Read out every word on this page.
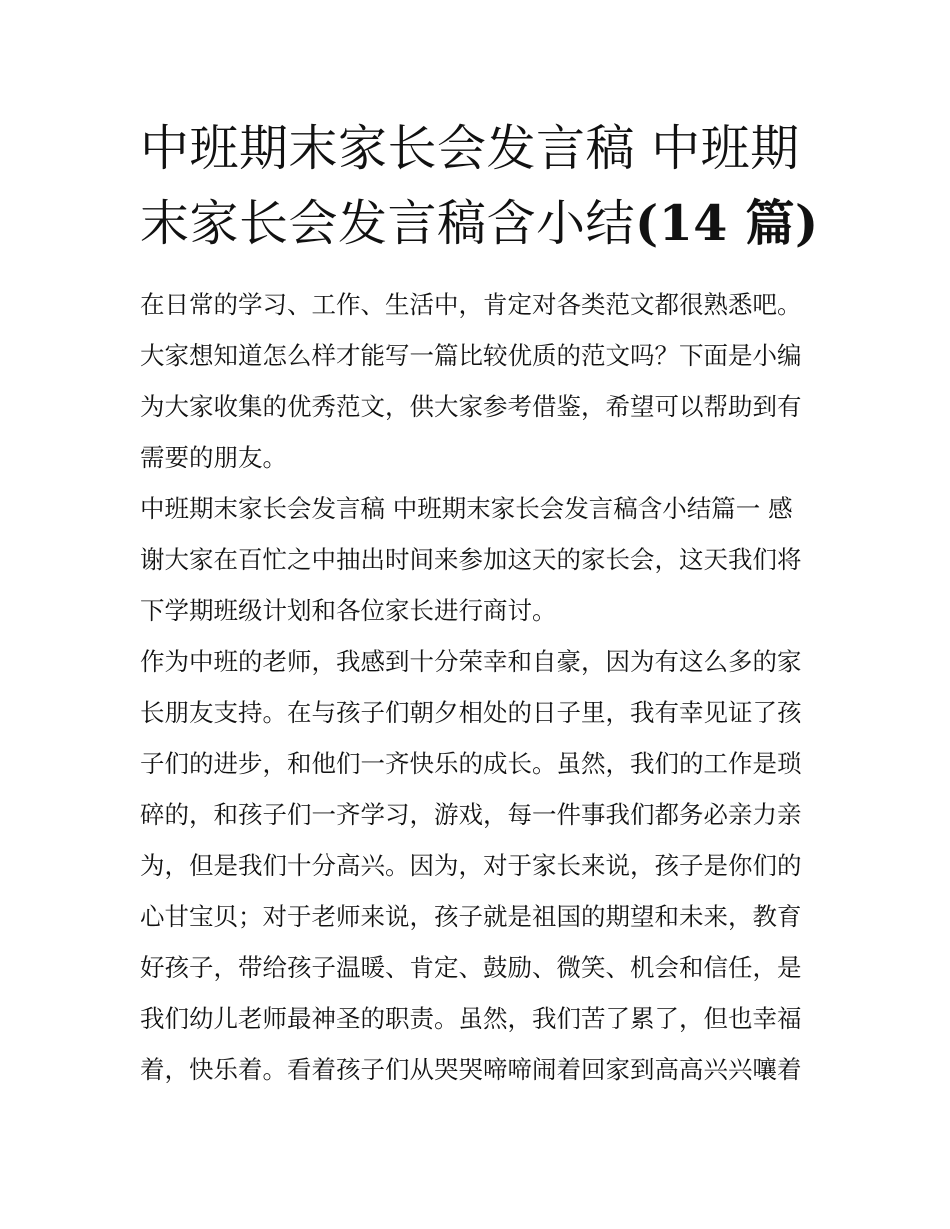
中班期末家长会发言稿 中班期
末家长会发言稿含小结(14 篇)

在日常的学习、工作、生活中，肯定对各类范文都很熟悉吧。
大家想知道怎么样才能写一篇比较优质的范文吗？下面是小编
为大家收集的优秀范文，供大家参考借鉴，希望可以帮助到有
需要的朋友。

中班期末家长会发言稿 中班期末家长会发言稿含小结篇一 感
谢大家在百忙之中抽出时间来参加这天的家长会，这天我们将
下学期班级计划和各位家长进行商讨。

作为中班的老师，我感到十分荣幸和自豪，因为有这么多的家
长朋友支持。在与孩子们朝夕相处的日子里，我有幸见证了孩
子们的进步，和他们一齐快乐的成长。虽然，我们的工作是琐
碎的，和孩子们一齐学习，游戏，每一件事我们都务必亲力亲
为，但是我们十分高兴。因为，对于家长来说，孩子是你们的
心甘宝贝；对于老师来说，孩子就是祖国的期望和未来，教育
好孩子，带给孩子温暖、肯定、鼓励、微笑、机会和信任，是
我们幼儿老师最神圣的职责。虽然，我们苦了累了，但也幸福
着，快乐着。看着孩子们从哭哭啼啼闹着回家到高高兴兴嚷着
